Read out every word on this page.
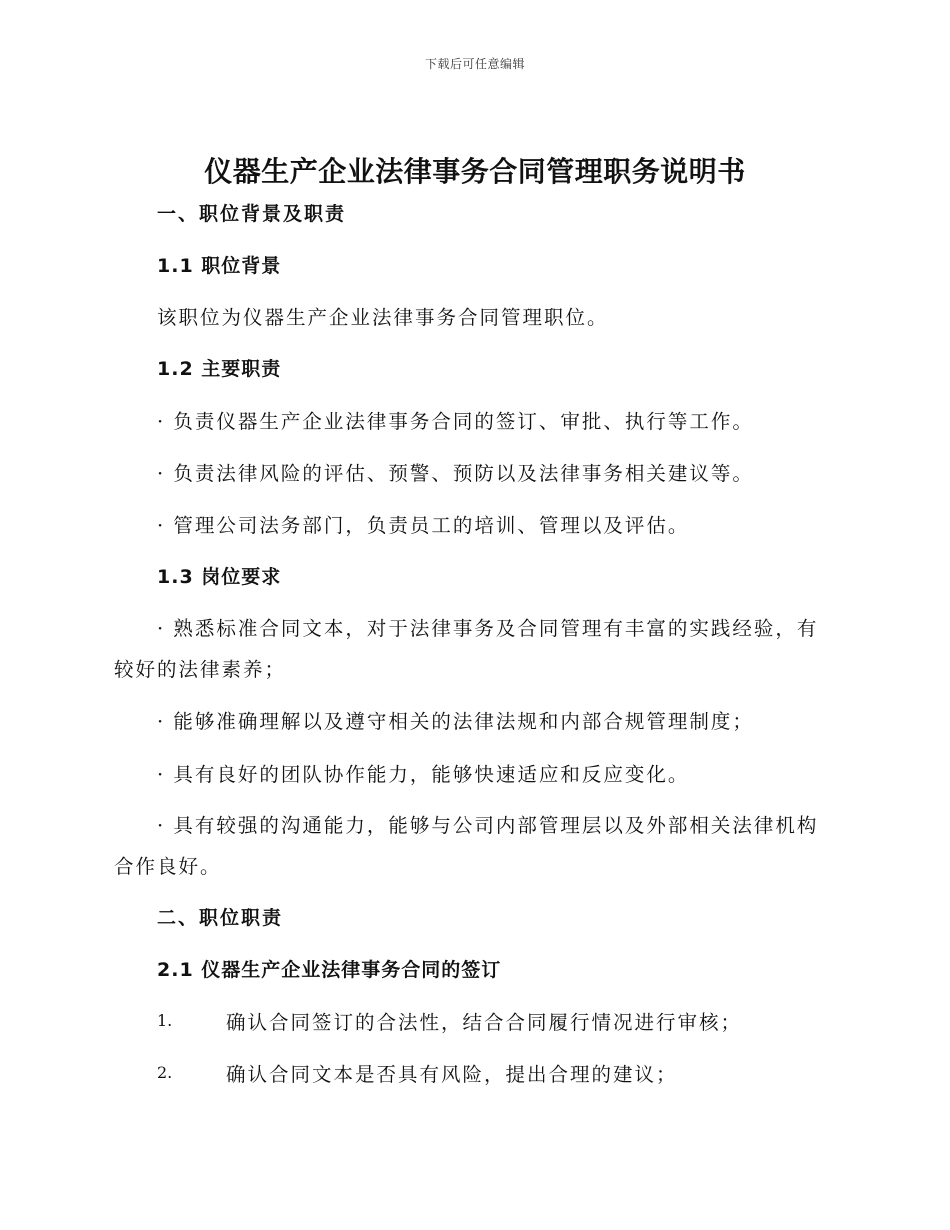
下载后可任意编辑
仪器生产企业法律事务合同管理职务说明书
一、职位背景及职责
1.1 职位背景
该职位为仪器生产企业法律事务合同管理职位。
1.2 主要职责
· 负责仪器生产企业法律事务合同的签订、审批、执行等工作。
· 负责法律风险的评估、预警、预防以及法律事务相关建议等。
· 管理公司法务部门，负责员工的培训、管理以及评估。
1.3 岗位要求
· 熟悉标准合同文本，对于法律事务及合同管理有丰富的实践经验，有
较好的法律素养；
· 能够准确理解以及遵守相关的法律法规和内部合规管理制度；
· 具有良好的团队协作能力，能够快速适应和反应变化。
· 具有较强的沟通能力，能够与公司内部管理层以及外部相关法律机构
合作良好。
二、职位职责
2.1 仪器生产企业法律事务合同的签订
1.	确认合同签订的合法性，结合合同履行情况进行审核；
2.	确认合同文本是否具有风险，提出合理的建议；
